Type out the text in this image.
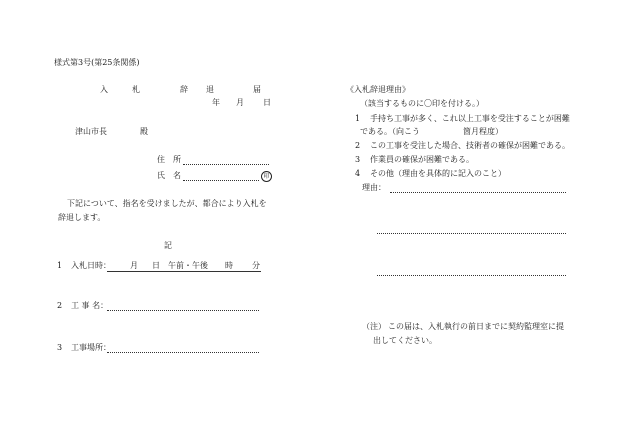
様式第3号(第25条関係)
入	札	辞 退	届
年 月 日
津山市長	殿
住　所
氏　名	印
下記について、指名を受けましたが、都合により入札を
辞退します。
記
1 入札日時： 月 日 午前・午後 時 分
2 工 事 名：
3 工事場所：
《入札辞退理由》
（該当するものに〇印を付ける。）
1 手持ち工事が多く、これ以上工事を受注することが困難
である。（向こう	箇月程度）
2 この工事を受注した場合、技術者の確保が困難である。
3 作業員の確保が困難である。
4 その他（理由を具体的に記入のこと）
理由：
（注） この届は、入札執行の前日までに契約監理室に提
出してください。
